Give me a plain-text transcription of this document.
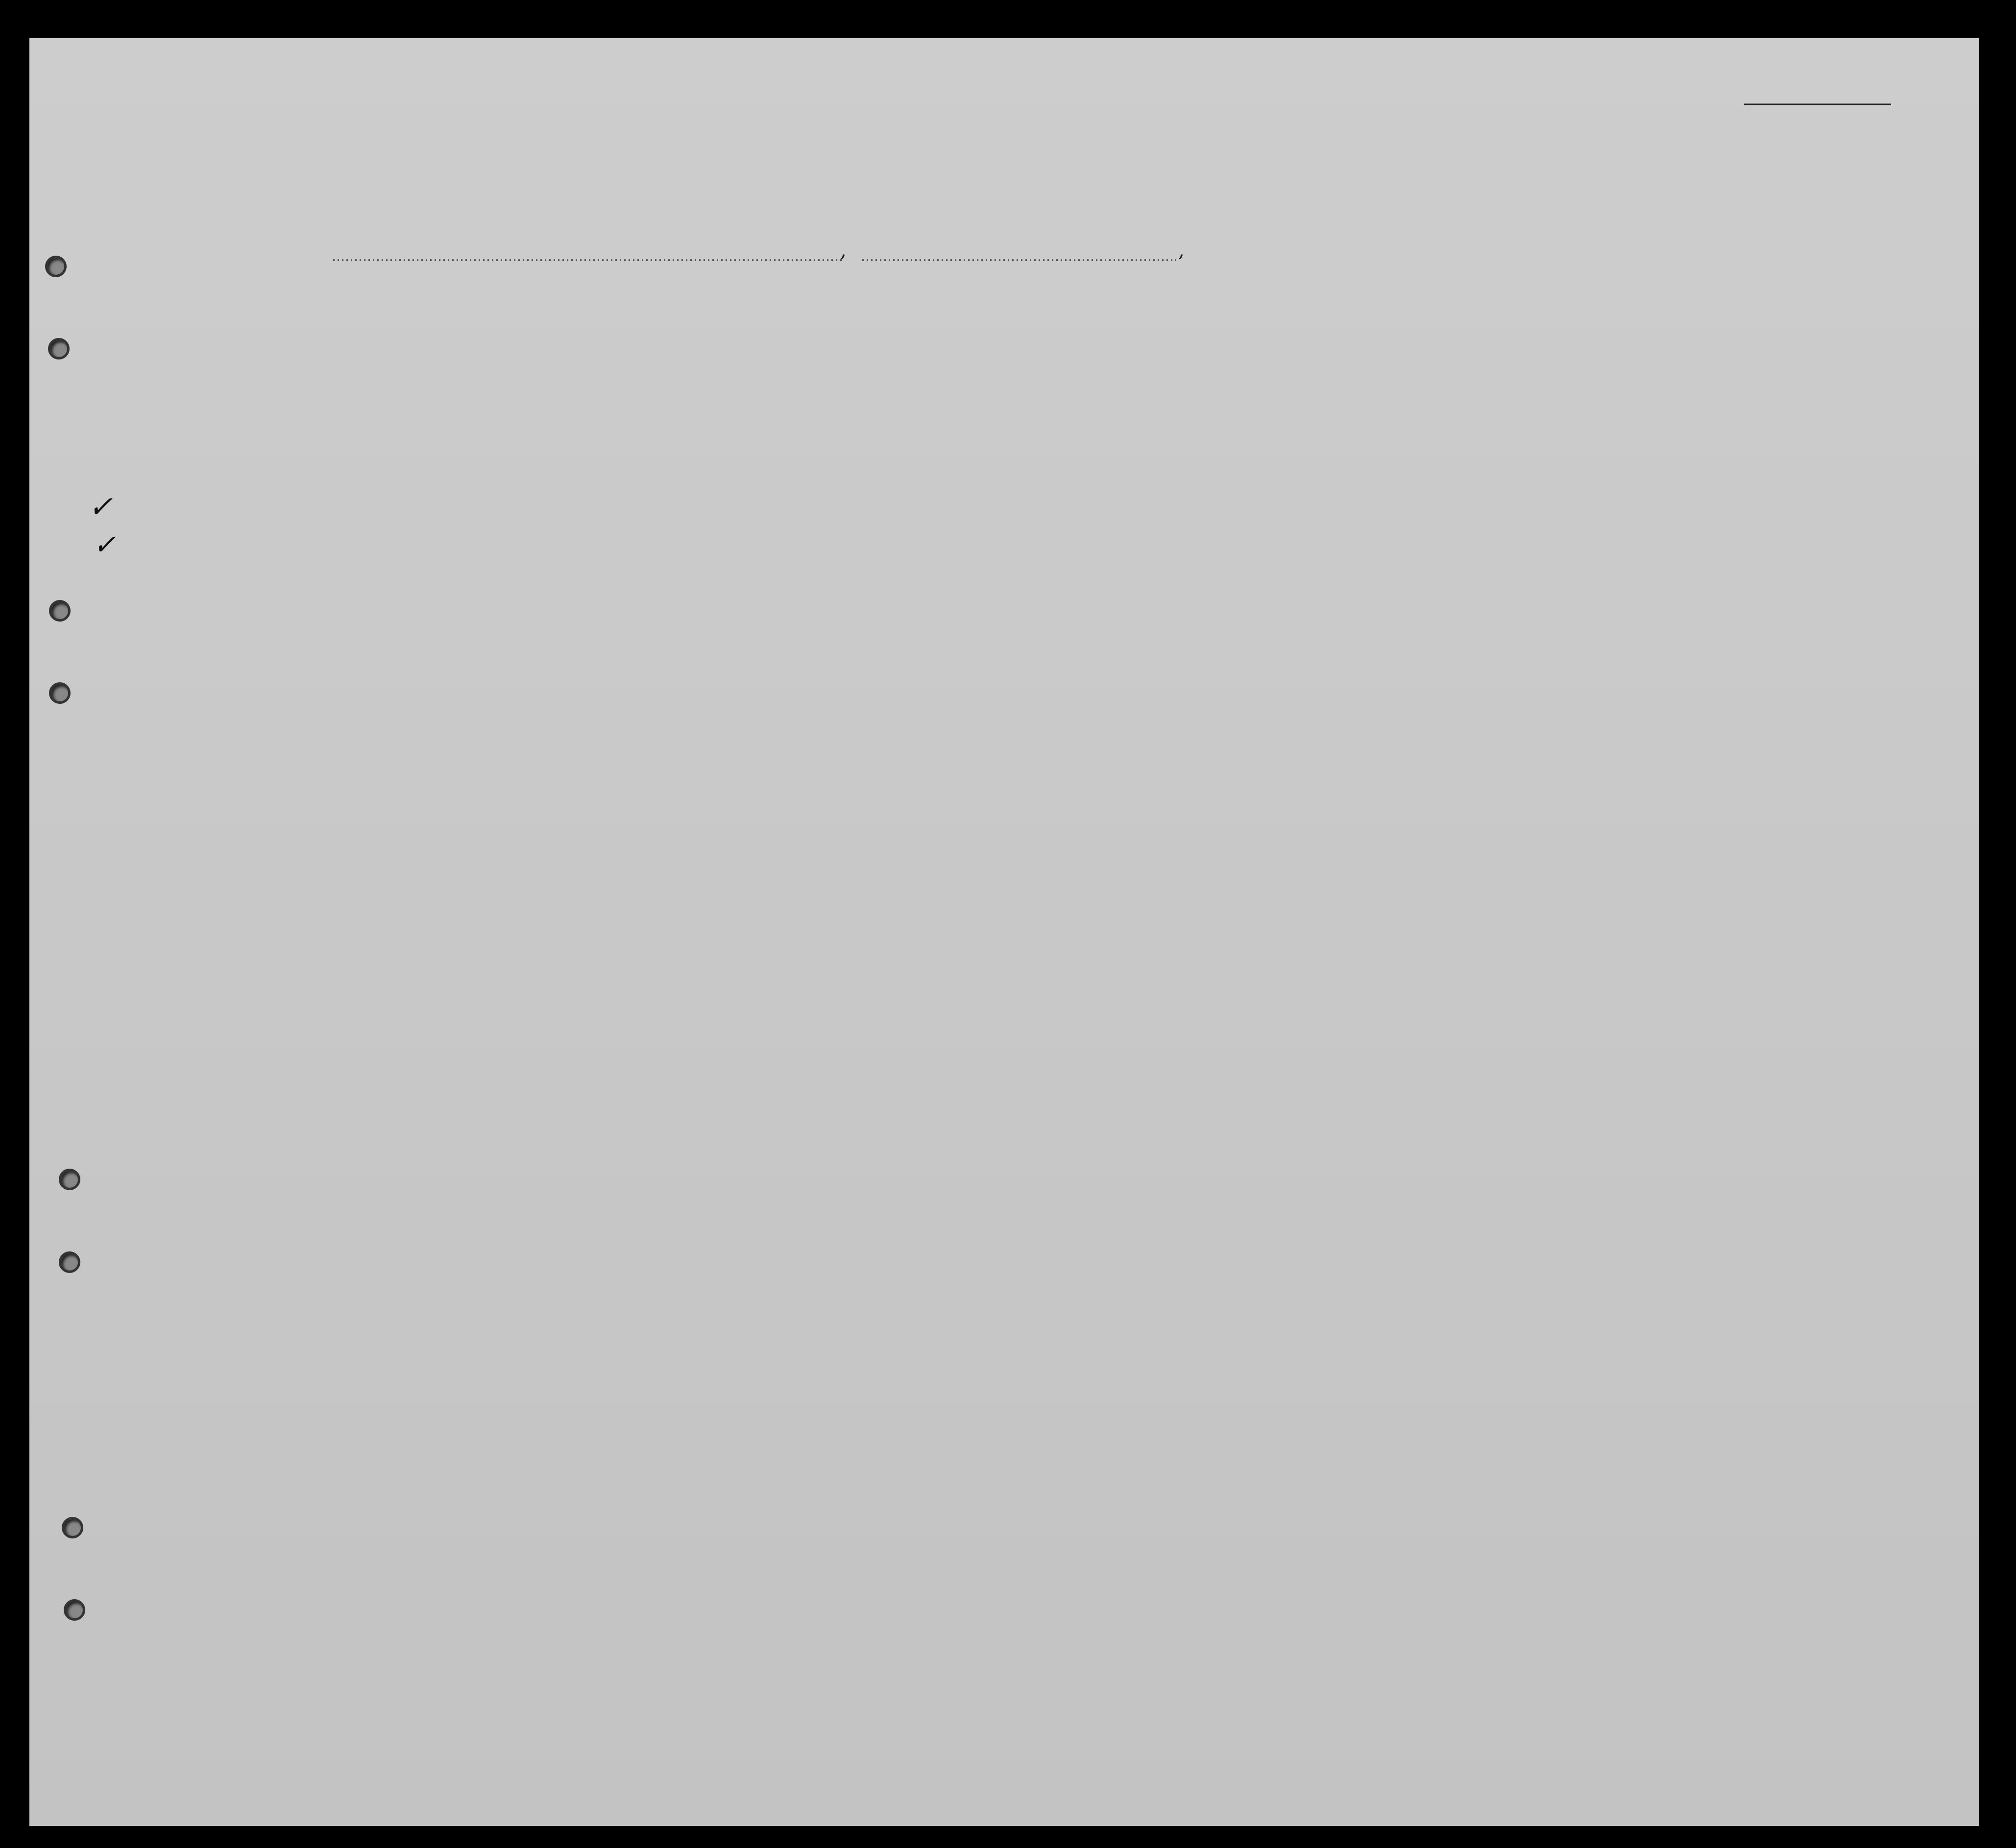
,	,
✓
✓
